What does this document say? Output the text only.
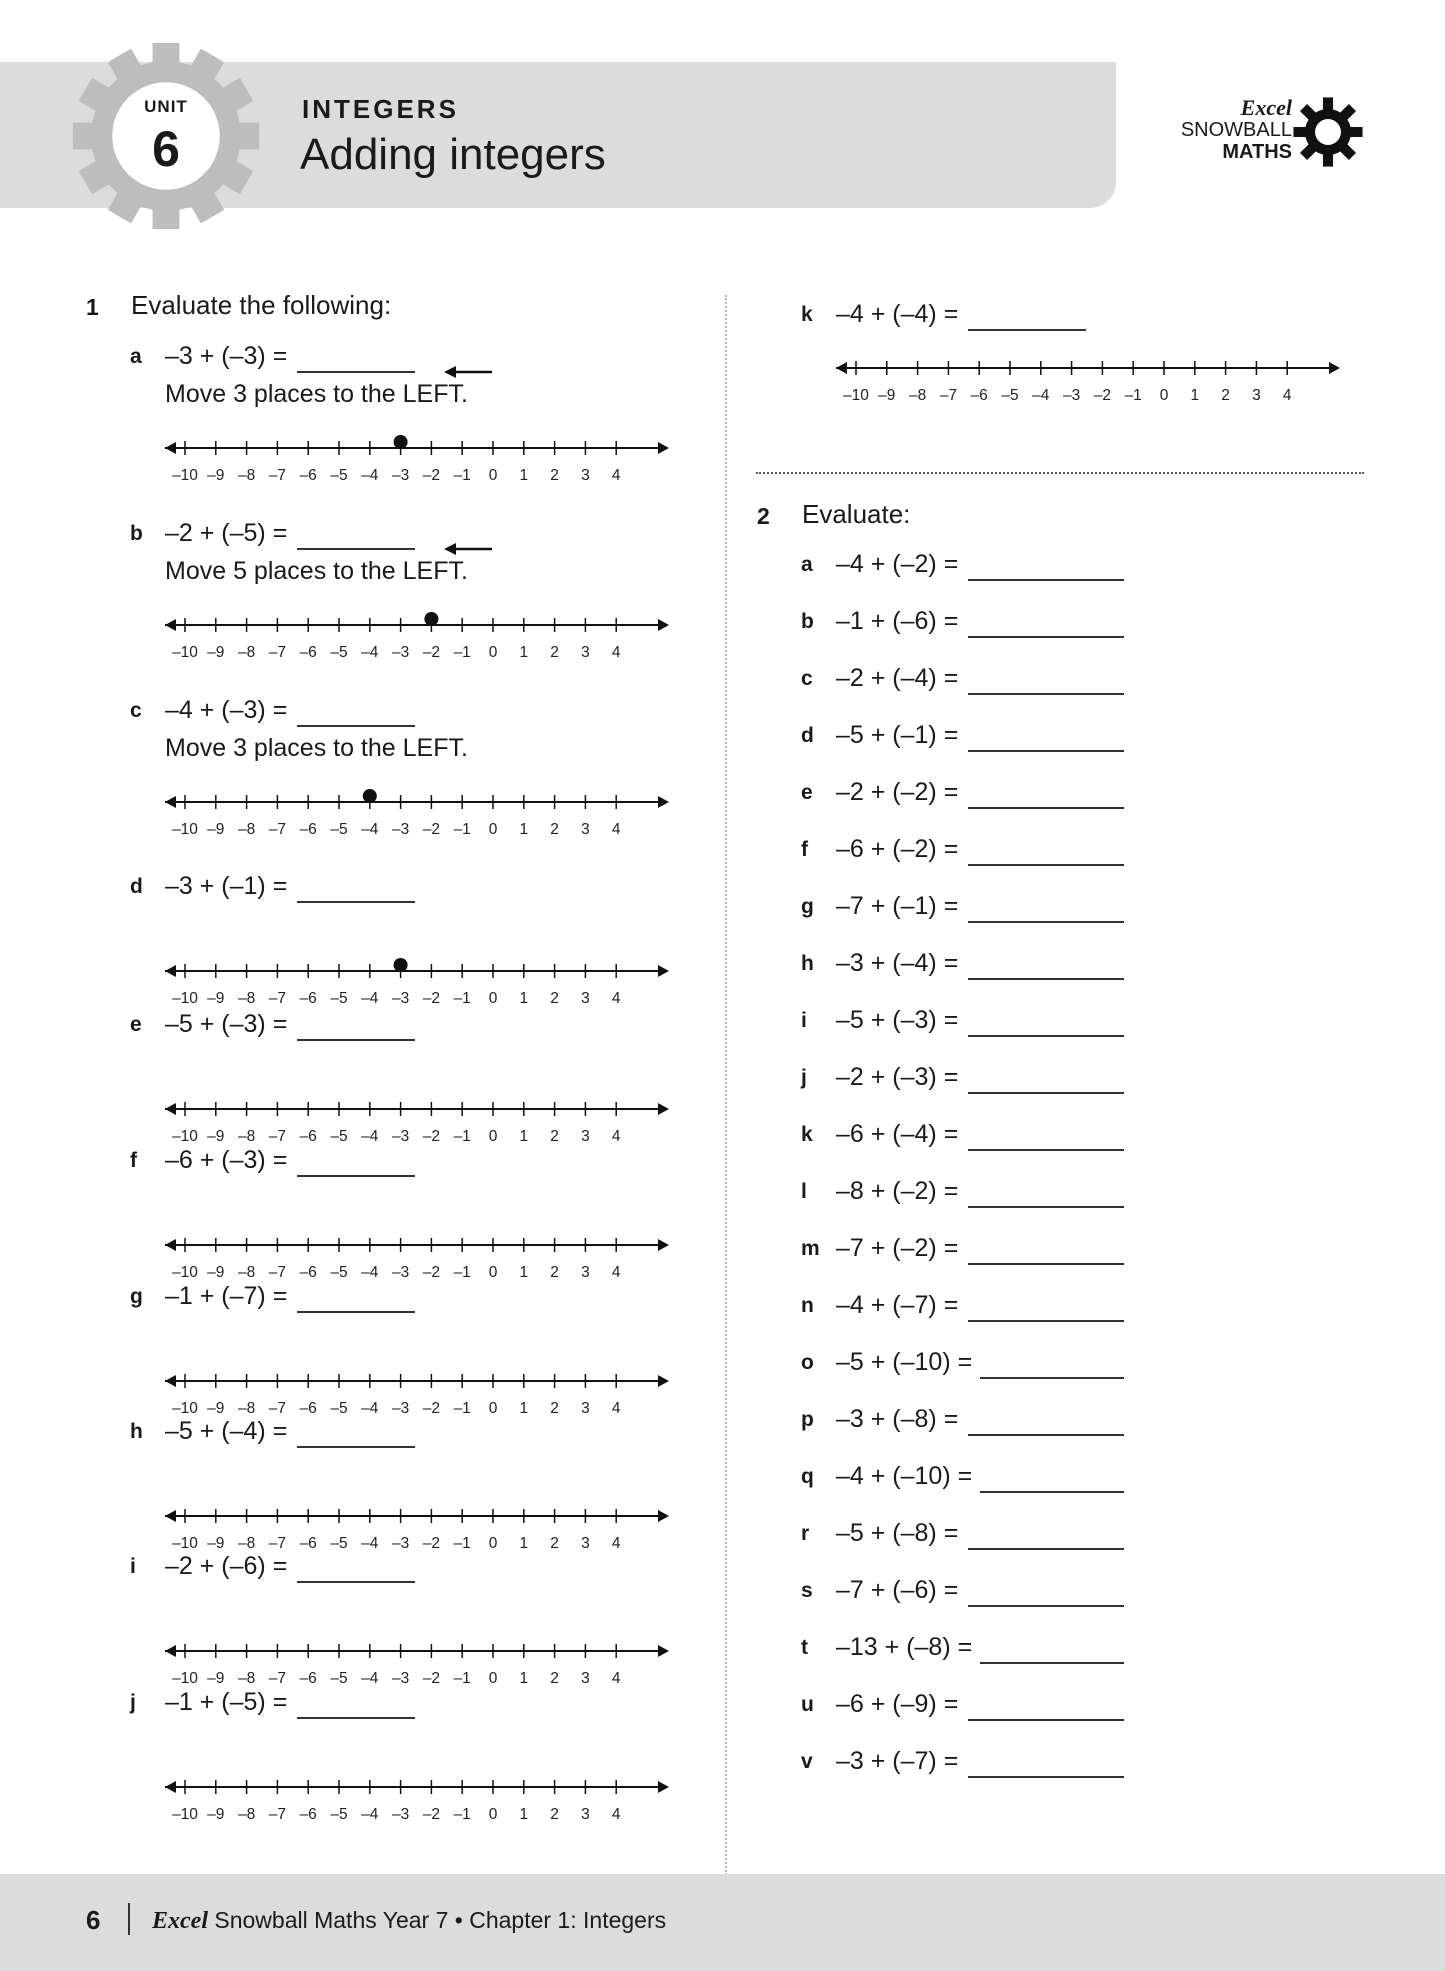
UNIT
6
INTEGERS
Adding integers
Excel
SNOWBALL
MATHS
1 Evaluate the following:
2 Evaluate:
a –3 + (–3) =
Move 3 places to the LEFT.
–10 –9 –8 –7 –6 –5 –4 –3 –2 –1 0 1 2 3 4
b –2 + (–5) =
Move 5 places to the LEFT.
–10 –9 –8 –7 –6 –5 –4 –3 –2 –1 0 1 2 3 4
c –4 + (–3) =
Move 3 places to the LEFT.
–10 –9 –8 –7 –6 –5 –4 –3 –2 –1 0 1 2 3 4
d –3 + (–1) =
–10 –9 –8 –7 –6 –5 –4 –3 –2 –1 0 1 2 3 4
e –5 + (–3) =
–10 –9 –8 –7 –6 –5 –4 –3 –2 –1 0 1 2 3 4
f –6 + (–3) =
–10 –9 –8 –7 –6 –5 –4 –3 –2 –1 0 1 2 3 4
g –1 + (–7) =
–10 –9 –8 –7 –6 –5 –4 –3 –2 –1 0 1 2 3 4
h –5 + (–4) =
–10 –9 –8 –7 –6 –5 –4 –3 –2 –1 0 1 2 3 4
i –2 + (–6) =
–10 –9 –8 –7 –6 –5 –4 –3 –2 –1 0 1 2 3 4
j –1 + (–5) =
–10 –9 –8 –7 –6 –5 –4 –3 –2 –1 0 1 2 3 4
k –4 + (–4) =
–10 –9 –8 –7 –6 –5 –4 –3 –2 –1 0 1 2 3 4
a –4 + (–2) =
b –1 + (–6) =
c –2 + (–4) =
d –5 + (–1) =
e –2 + (–2) =
f –6 + (–2) =
g –7 + (–1) =
h –3 + (–4) =
i –5 + (–3) =
j –2 + (–3) =
k –6 + (–4) =
l –8 + (–2) =
m –7 + (–2) =
n –4 + (–7) =
o –5 + (–10) =
p –3 + (–8) =
q –4 + (–10) =
r –5 + (–8) =
s –7 + (–6) =
t –13 + (–8) =
u –6 + (–9) =
v –3 + (–7) =
6 Excel Snowball Maths Year 7 • Chapter 1: Integers
